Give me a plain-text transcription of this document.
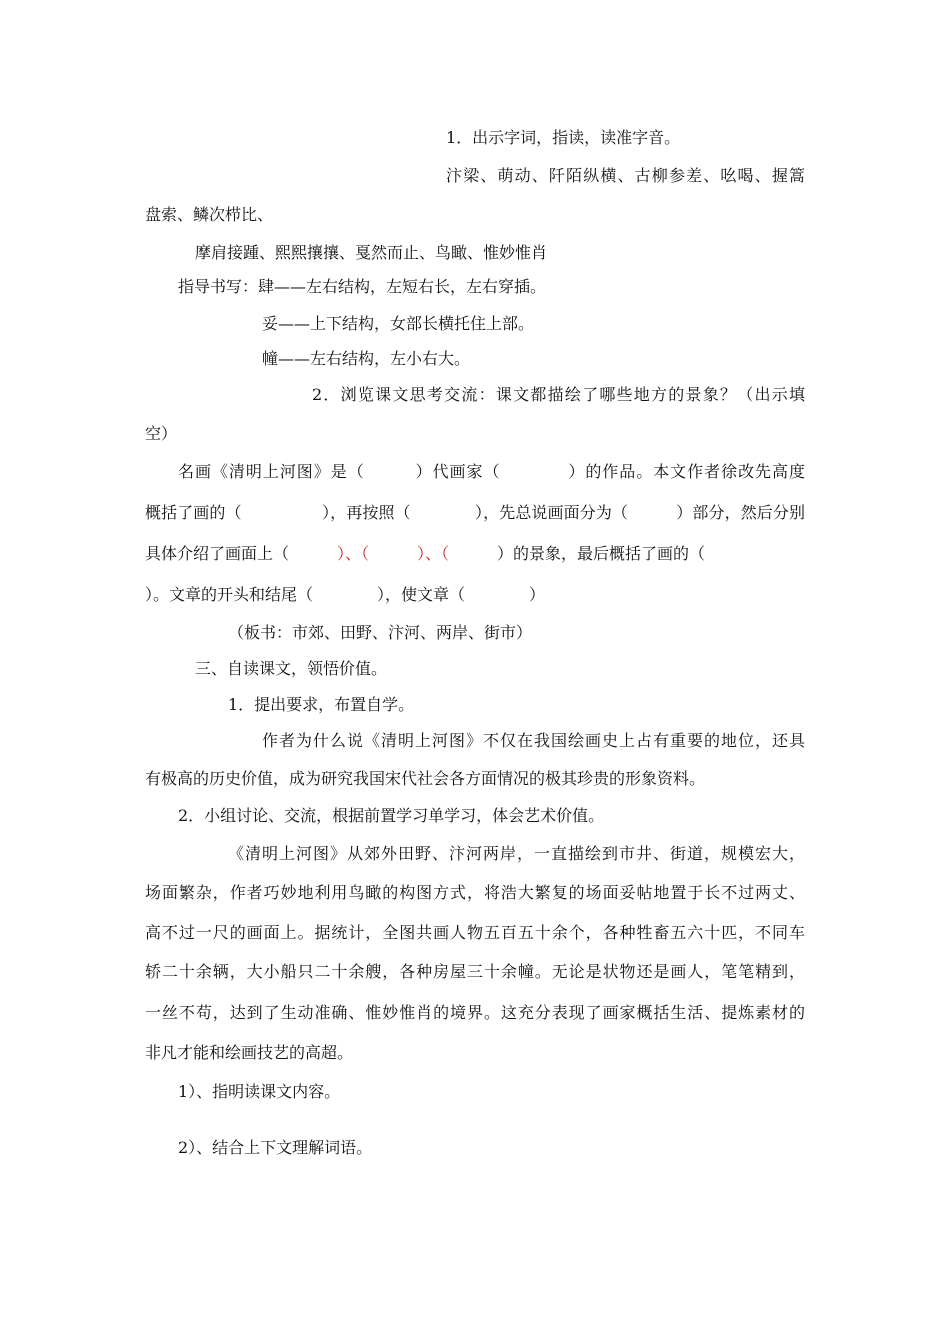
1．出示字词，指读，读准字音。
汴梁、萌动、阡陌纵横、古柳参差、吆喝、握篙
盘索、鳞次栉比、
摩肩接踵、熙熙攘攘、戛然而止、鸟瞰、惟妙惟肖
指导书写：肆——左右结构，左短右长，左右穿插。
妥——上下结构，女部长横托住上部。
幢——左右结构，左小右大。
2．浏览课文思考交流：课文都描绘了哪些地方的景象？（出示填
空）
名画《清明上河图》是（　　　）代画家（　　　　）的作品。本文作者徐改先高度
概括了画的（　　　　　），再按照（　　　　），先总说画面分为（　　　）部分，然后分别
具体介绍了画面上（　　　）、（　　　）、（　　　）的景象，最后概括了画的（
）。文章的开头和结尾（　　　　），使文章（　　　　）
（板书：市郊、田野、汴河、两岸、街市）
三、自读课文，领悟价值。
1．提出要求，布置自学。
作者为什么说《清明上河图》不仅在我国绘画史上占有重要的地位，还具
有极高的历史价值，成为研究我国宋代社会各方面情况的极其珍贵的形象资料。
2．小组讨论、交流，根据前置学习单学习，体会艺术价值。
《清明上河图》从郊外田野、汴河两岸，一直描绘到市井、街道，规模宏大，
场面繁杂，作者巧妙地利用鸟瞰的构图方式，将浩大繁复的场面妥帖地置于长不过两丈、
高不过一尺的画面上。据统计，全图共画人物五百五十余个，各种牲畜五六十匹，不同车
轿二十余辆，大小船只二十余艘，各种房屋三十余幢。无论是状物还是画人，笔笔精到，
一丝不苟，达到了生动准确、惟妙惟肖的境界。这充分表现了画家概括生活、提炼素材的
非凡才能和绘画技艺的高超。
1）、指明读课文内容。
2）、结合上下文理解词语。
